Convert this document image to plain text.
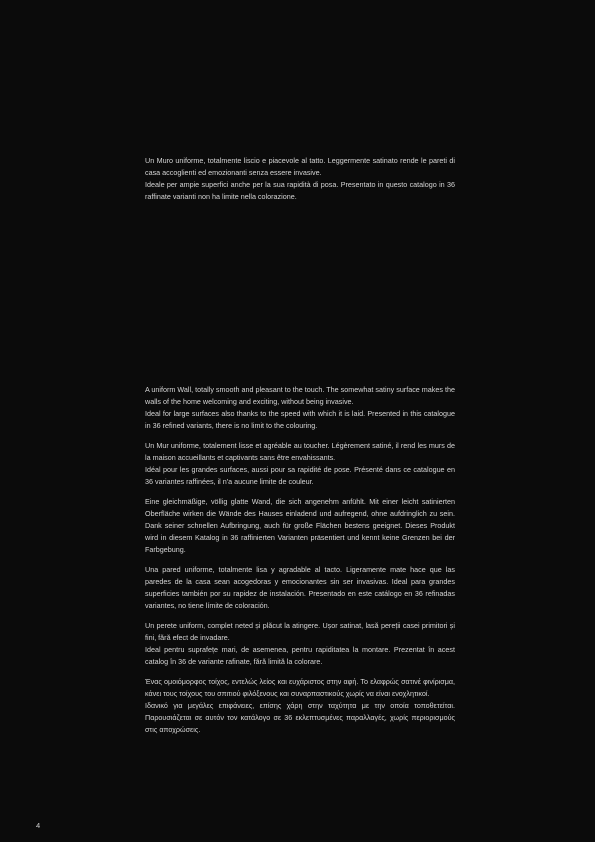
Un Muro uniforme, totalmente liscio e piacevole al tatto. Leggermente satinato rende le pareti di casa accoglienti ed emozionanti senza essere invasive.
Ideale per ampie superfici anche per la sua rapidità di posa. Presentato in questo catalogo in 36 raffinate varianti non ha limite nella colorazione.

A uniform Wall, totally smooth and pleasant to the touch. The somewhat satiny surface makes the walls of the home welcoming and exciting, without being invasive.
Ideal for large surfaces also thanks to the speed with which it is laid. Presented in this catalogue in 36 refined variants, there is no limit to the colouring.

Un Mur uniforme, totalement lisse et agréable au toucher. Légèrement satiné, il rend les murs de la maison accueillants et captivants sans être envahissants.
Idéal pour les grandes surfaces, aussi pour sa rapidité de pose. Présenté dans ce catalogue en 36 variantes raffinées, il n'a aucune limite de couleur.

Eine gleichmäßige, völlig glatte Wand, die sich angenehm anfühlt. Mit einer leicht satinierten Oberfläche wirken die Wände des Hauses einladend und aufregend, ohne aufdringlich zu sein. Dank seiner schnellen Aufbringung, auch für große Flächen bestens geeignet. Dieses Produkt wird in diesem Katalog in 36 raffinierten Varianten präsentiert und kennt keine Grenzen bei der Farbgebung.

Una pared uniforme, totalmente lisa y agradable al tacto. Ligeramente mate hace que las paredes de la casa sean acogedoras y emocionantes sin ser invasivas. Ideal para grandes superficies también por su rapidez de instalación. Presentado en este catálogo en 36 refinadas variantes, no tiene límite de coloración.

Un perete uniform, complet neted și plăcut la atingere. Ușor satinat, lasă pereții casei primitori și fini, fără efect de invadare.
Ideal pentru suprafețe mari, de asemenea, pentru rapiditatea la montare. Prezentat în acest catalog în 36 de variante rafinate, fără limită la colorare.

Ένας ομοιόμορφος τοίχος, εντελώς λείος και ευχάριστος στην αφή. Το ελαφρώς σατινέ φινίρισμα, κάνει τους τοίχους του σπιτιού φιλόξενους και συναρπαστικούς χωρίς να είναι ενοχλητικοί.
Ιδανικό για μεγάλες επιφάνειες, επίσης χάρη στην ταχύτητα με την οποία τοποθετείται. Παρουσιάζεται σε αυτόν τον κατάλογο σε 36 εκλεπτυσμένες παραλλαγές, χωρίς περιορισμούς στις αποχρώσεις.

4
